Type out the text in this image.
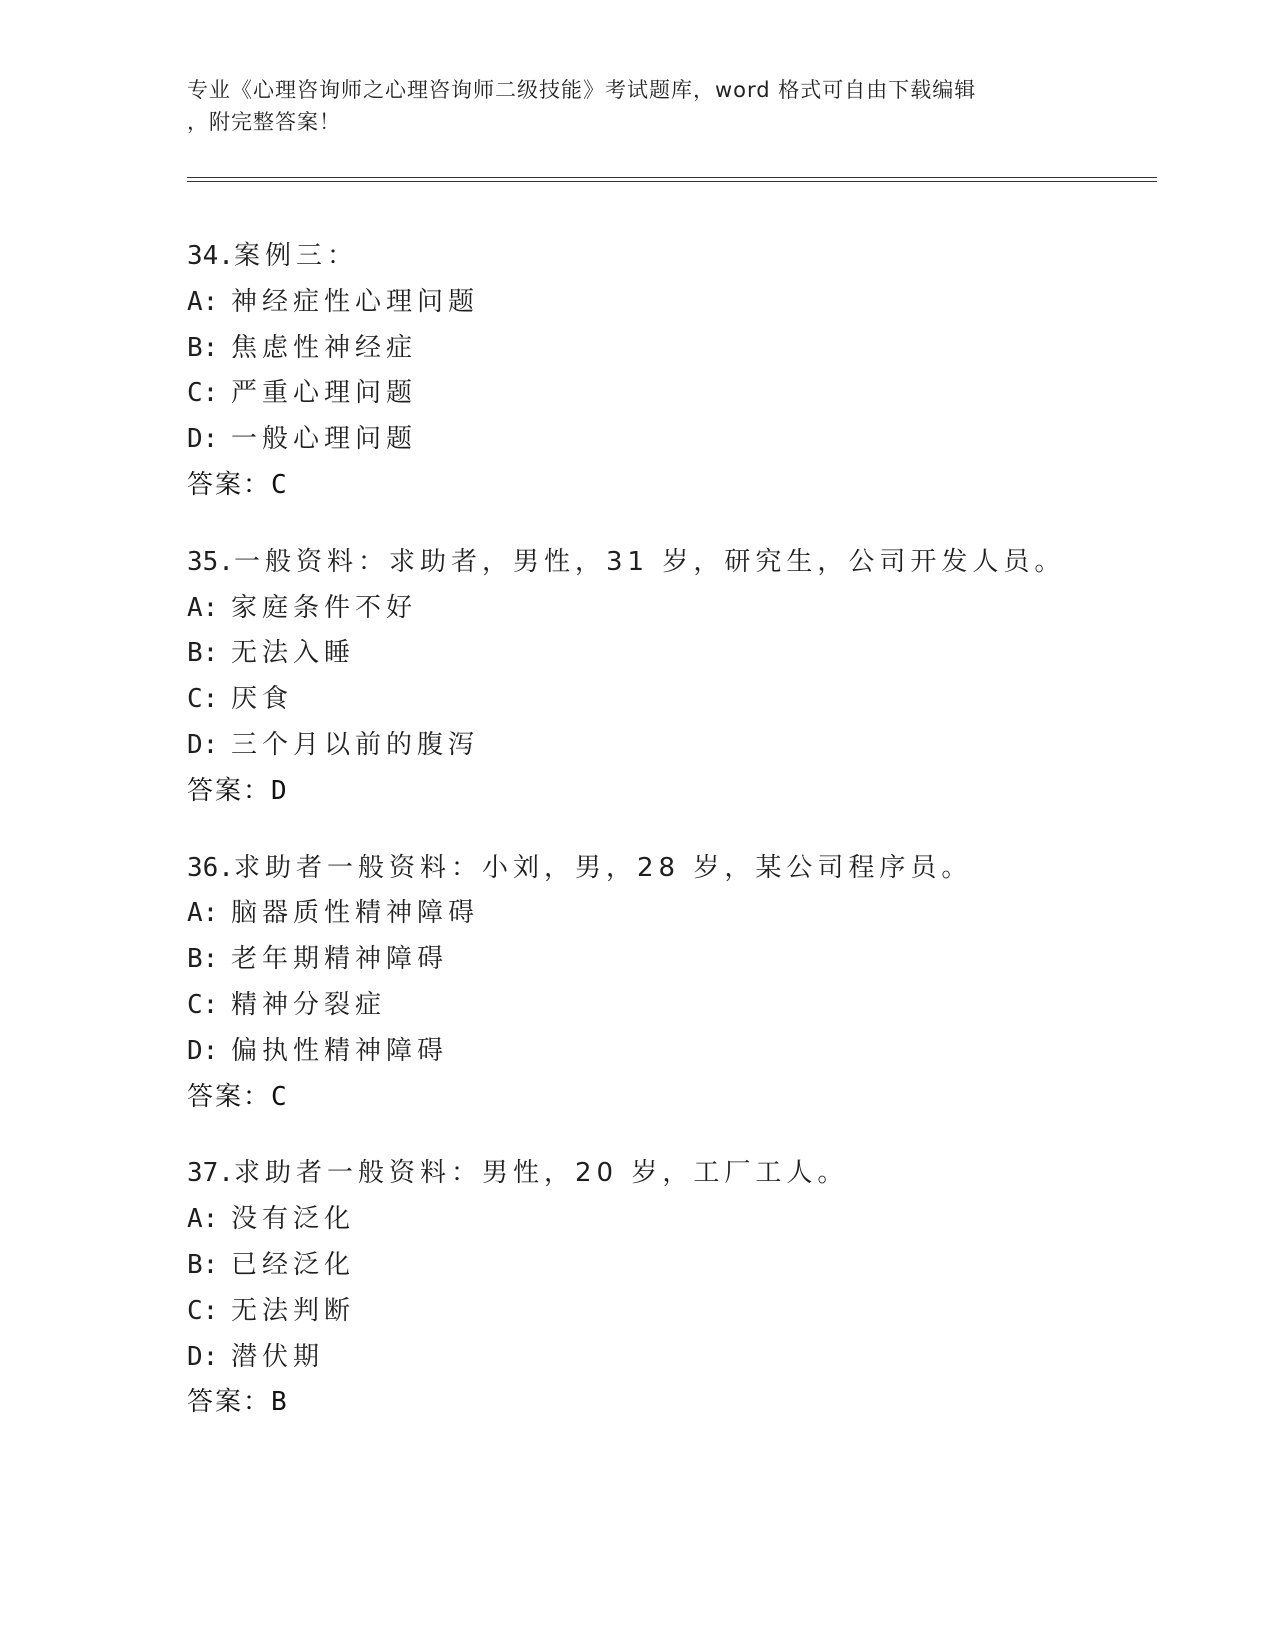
专业《心理咨询师之心理咨询师二级技能》考试题库，word 格式可自由下载编辑
，附完整答案！
34.案例三：
A: 神经症性心理问题
B: 焦虑性神经症
C: 严重心理问题
D: 一般心理问题
答案：C
35.一般资料：求助者，男性，31 岁，研究生，公司开发人员。
A: 家庭条件不好
B: 无法入睡
C: 厌食
D: 三个月以前的腹泻
答案：D
36.求助者一般资料：小刘，男，28 岁，某公司程序员。
A: 脑器质性精神障碍
B: 老年期精神障碍
C: 精神分裂症
D: 偏执性精神障碍
答案：C
37.求助者一般资料：男性，20 岁，工厂工人。
A: 没有泛化
B: 已经泛化
C: 无法判断
D: 潜伏期
答案：B
